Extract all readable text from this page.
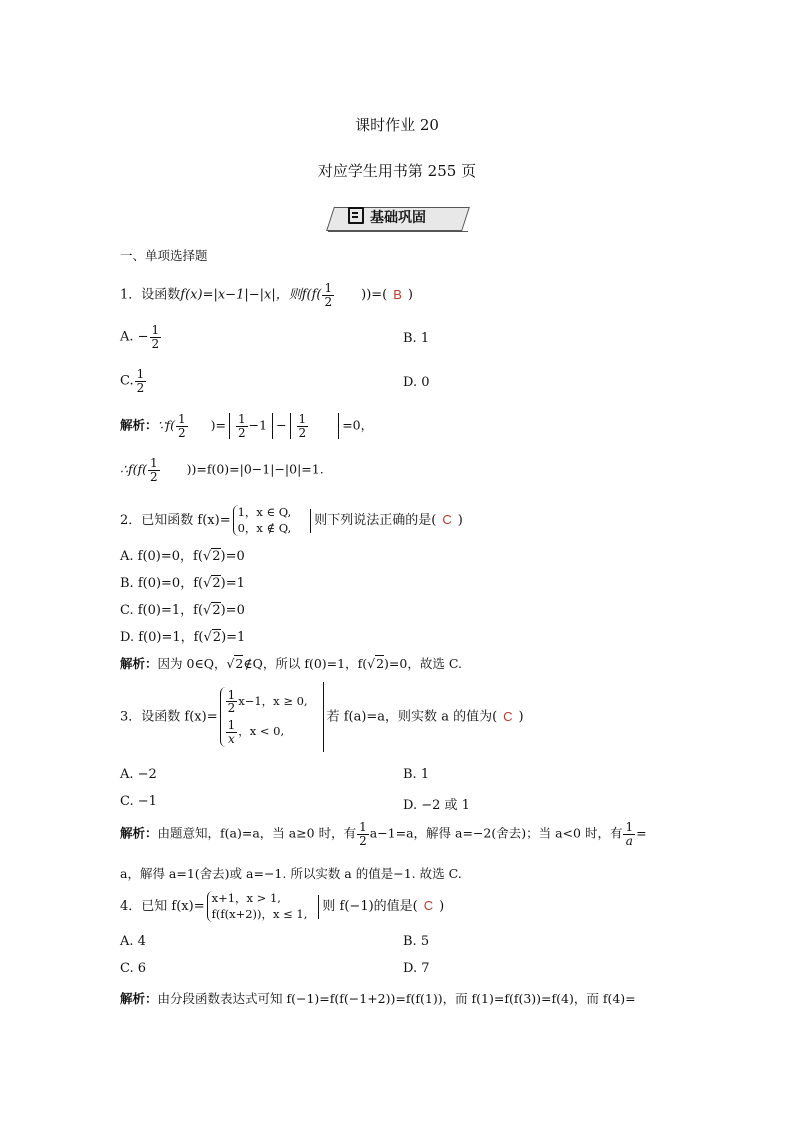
课时作业 20
对应学生用书第 255 页
基础巩固
一、单项选择题
1．设函数f(x)=|x−1|−|x|，则$f(f( \frac{1}{2}$ ))=( B )
A. − $\frac{1}{2}$	B. 1
C. $\frac{1}{2}$	D. 0
解析：∵f( $\frac{1}{2}$ )= $\frac{1}{2} -1 - \frac{1}{2}$	=0，
∴f(f( $\frac{1}{2} ))=f(0)=|0-1|-|0|=1$.
2．已知函数 f(x)=
1，x ∈ Q,
0，x ∉ Q, 则下列说法正确的是( C )
A. f(0)=0，f(√2)=0
B. f(0)=0，f(√2)=1
C. f(0)=1，f(√2)=0
D. f(0)=1，f(√2)=1
解析：因为 0∈Q，√2∉Q，所以 f(0)=1，f(√2)=0，故选 C.
3．设函数 f(x)=
$\frac{1}{2} x-1$，x ≥ 0,
$\frac{1}{x}$ ，x < 0,
若 f(a)=a，则实数 a 的值为( C )
A. −2	B. 1
C. −1	D. −2 或 1
解析：由题意知，f(a)=a，当 a≥0 时，有 $\frac{1}{2} a-1=a$，解得 a=−2(舍去)；当 a<0 时，有 $\frac{1}{a}$ =
a，解得 a=1(舍去)或 a=−1. 所以实数 a 的值是−1. 故选 C.
4．已知 f(x)=
x+1，x > 1,
f(f(x+2))，x ≤ 1, 则 f(−1)的值是( C )
A. 4	B. 5
C. 6	D. 7
解析：由分段函数表达式可知 f(−1)=f(f(−1+2))=f(f(1))，而 f(1)=f(f(3))=f(4)，而 f(4)=
